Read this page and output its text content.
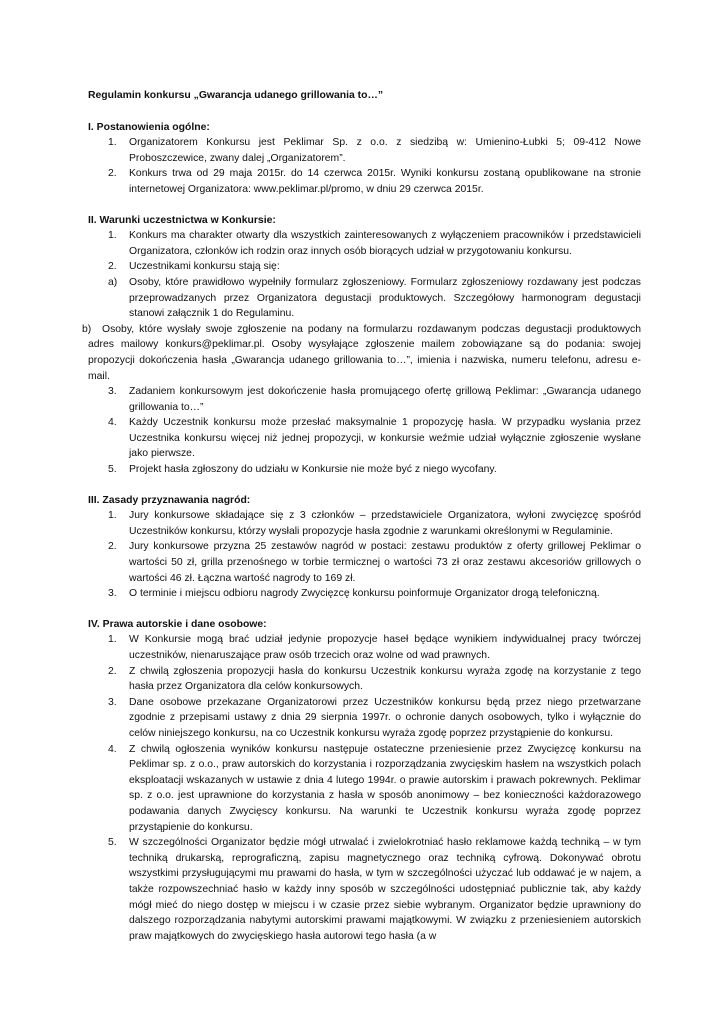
Regulamin konkursu „Gwarancja udanego grillowania to…”

I. Postanowienia ogólne:

1. Organizatorem Konkursu jest Peklimar Sp. z o.o. z siedzibą w: Umienino-Łubki 5; 09-412 Nowe Proboszczewice, zwany dalej „Organizatorem”.
2. Konkurs trwa od 29 maja 2015r. do 14 czerwca 2015r. Wyniki konkursu zostaną opublikowane na stronie internetowej Organizatora: www.peklimar.pl/promo, w dniu 29 czerwca 2015r.

II. Warunki uczestnictwa w Konkursie:

1. Konkurs ma charakter otwarty dla wszystkich zainteresowanych z wyłączeniem pracowników i przedstawicieli Organizatora, członków ich rodzin oraz innych osób biorących udział w przygotowaniu konkursu.
2. Uczestnikami konkursu stają się:
a) Osoby, które prawidłowo wypełniły formularz zgłoszeniowy. Formularz zgłoszeniowy rozdawany jest podczas przeprowadzanych przez Organizatora degustacji produktowych. Szczegółowy harmonogram degustacji stanowi załącznik 1 do Regulaminu.
b) Osoby, które wysłały swoje zgłoszenie na podany na formularzu rozdawanym podczas degustacji produktowych adres mailowy konkurs@peklimar.pl. Osoby wysyłające zgłoszenie mailem zobowiązane są do podania: swojej propozycji dokończenia hasła „Gwarancja udanego grillowania to…”, imienia i nazwiska, numeru telefonu, adresu e-mail.
3. Zadaniem konkursowym jest dokończenie hasła promującego ofertę grillową Peklimar: „Gwarancja udanego grillowania to…”
4. Każdy Uczestnik konkursu może przesłać maksymalnie 1 propozycję hasła. W przypadku wysłania przez Uczestnika konkursu więcej niż jednej propozycji, w konkursie weźmie udział wyłącznie zgłoszenie wysłane jako pierwsze.
5. Projekt hasła zgłoszony do udziału w Konkursie nie może być z niego wycofany.

III. Zasady przyznawania nagród:

1. Jury konkursowe składające się z 3 członków – przedstawiciele Organizatora, wyłoni zwycięzcę spośród Uczestników konkursu, którzy wysłali propozycje hasła zgodnie z warunkami określonymi w Regulaminie.
2. Jury konkursowe przyzna 25 zestawów nagród w postaci: zestawu produktów z oferty grillowej Peklimar o wartości 50 zł, grilla przenośnego w torbie termicznej o wartości 73 zł oraz zestawu akcesoriów grillowych o wartości 46 zł. Łączna wartość nagrody to 169 zł.
3. O terminie i miejscu odbioru nagrody Zwycięzcę konkursu poinformuje Organizator drogą telefoniczną.

IV. Prawa autorskie i dane osobowe:

1. W Konkursie mogą brać udział jedynie propozycje haseł będące wynikiem indywidualnej pracy twórczej uczestników, nienaruszające praw osób trzecich oraz wolne od wad prawnych.
2. Z chwilą zgłoszenia propozycji hasła do konkursu Uczestnik konkursu wyraża zgodę na korzystanie z tego hasła przez Organizatora dla celów konkursowych.
3. Dane osobowe przekazane Organizatorowi przez Uczestników konkursu będą przez niego przetwarzane zgodnie z przepisami ustawy z dnia 29 sierpnia 1997r. o ochronie danych osobowych, tylko i wyłącznie do celów niniejszego konkursu, na co Uczestnik konkursu wyraża zgodę poprzez przystąpienie do konkursu.
4. Z chwilą ogłoszenia wyników konkursu następuje ostateczne przeniesienie przez Zwycięzcę konkursu na Peklimar sp. z o.o., praw autorskich do korzystania i rozporządzania zwycięskim hasłem na wszystkich polach eksploatacji wskazanych w ustawie z dnia 4 lutego 1994r. o prawie autorskim i prawach pokrewnych. Peklimar sp. z o.o. jest uprawnione do korzystania z hasła w sposób anonimowy – bez konieczności każdorazowego podawania danych Zwycięscy konkursu. Na warunki te Uczestnik konkursu wyraża zgodę poprzez przystąpienie do konkursu.
5. W szczególności Organizator będzie mógł utrwalać i zwielokrotniać hasło reklamowe każdą techniką – w tym techniką drukarską, reprograficzną, zapisu magnetycznego oraz techniką cyfrową. Dokonywać obrotu wszystkimi przysługującymi mu prawami do hasła, w tym w szczególności użyczać lub oddawać je w najem, a także rozpowszechniać hasło w każdy inny sposób w szczególności udostępniać publicznie tak, aby każdy mógł mieć do niego dostęp w miejscu i w czasie przez siebie wybranym. Organizator będzie uprawniony do dalszego rozporządzania nabytymi autorskimi prawami majątkowymi. W związku z przeniesieniem autorskich praw majątkowych do zwycięskiego hasła autorowi tego hasła (a w
